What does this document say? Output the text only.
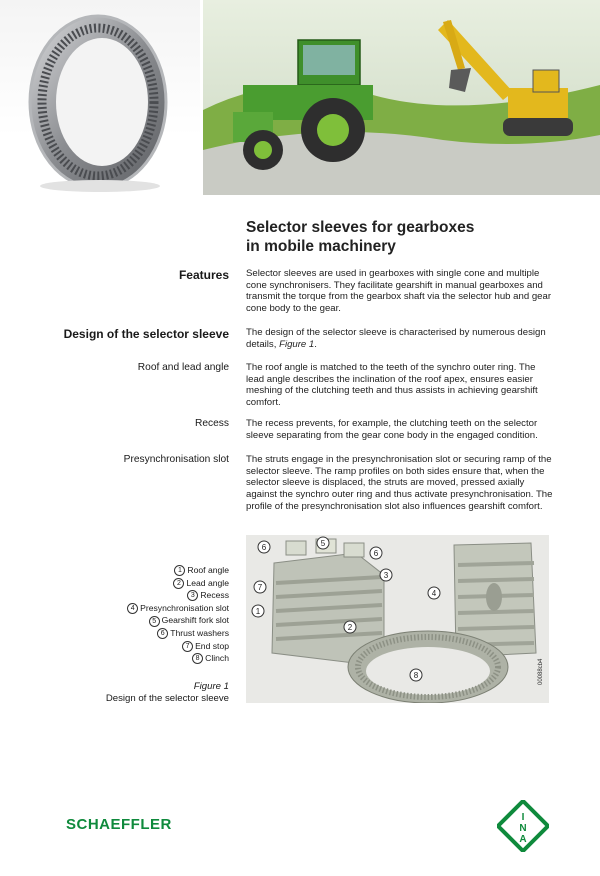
Selector sleeves for gearboxes
in mobile machinery
Features Selector sleeves are used in gearboxes with single cone and multiple cone synchronisers. They facilitate gearshift in manual gearboxes and transmit the torque from the gearbox shaft via the selector hub and gear cone body to the gear.
Design of the selector sleeve The design of the selector sleeve is characterised by numerous design details, Figure 1.
Roof and lead angle The roof angle is matched to the teeth of the synchro outer ring. The lead angle describes the inclination of the roof apex, ensures easier meshing of the clutching teeth and thus assists in achieving gearshift comfort.
Recess The recess prevents, for example, the clutching teeth on the selector sleeve separating from the gear cone body in the engaged condition.
Presynchronisation slot The struts engage in the presynchronisation slot or securing ramp of the selector sleeve. The ramp profiles on both sides ensure that, when the selector sleeve is displaced, the struts are moved, pressed axially against the synchro outer ring and thus activate presynchronisation. The profile of the presynchronisation slot also influences gearshift comfort.
1 Roof angle
2 Lead angle
3 Recess
4 Presynchronisation slot
5 Gearshift fork slot
6 Thrust washers
7 End stop
8 Clinch
Figure 1
Design of the selector sleeve
6	5
6
3
7
1
2
4
8	00088cb4
SCHAEFFLER	I
N
A
